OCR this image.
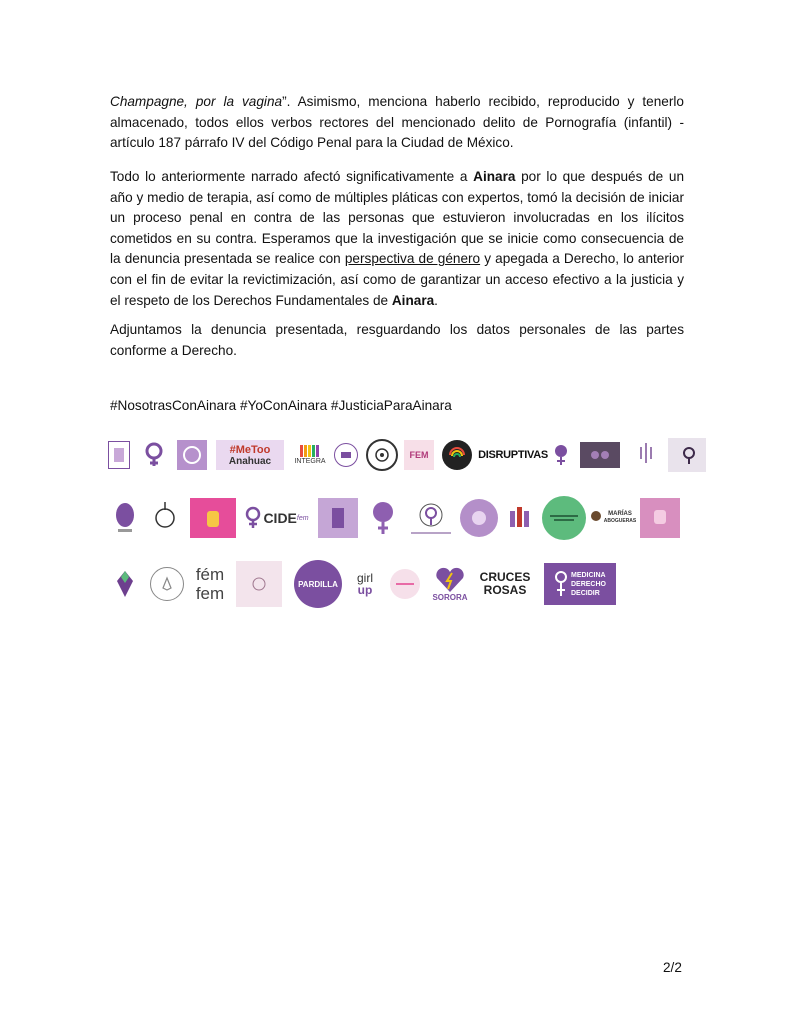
Champagne, por la vagina”. Asimismo, menciona haberlo recibido, reproducido y tenerlo almacenado, todos ellos verbos rectores del mencionado delito de Pornografía (infantil) - artículo 187 párrafo IV del Código Penal para la Ciudad de México.

Todo lo anteriormente narrado afectó significativamente a Ainara por lo que después de un año y medio de terapia, así como de múltiples pláticas con expertos, tomó la decisión de iniciar un proceso penal en contra de las personas que estuvieron involucradas en los ilícitos cometidos en su contra. Esperamos que la investigación que se inicie como consecuencia de la denuncia presentada se realice con perspectiva de género y apegada a Derecho, lo anterior con el fin de evitar la revictimización, así como de garantizar un acceso efectivo a la justicia y el respeto de los Derechos Fundamentales de Ainara.

Adjuntamos la denuncia presentada, resguardando los datos personales de las partes conforme a Derecho.

#NosotrasConAinara #YoConAinara #JusticiaParaAinara
#MeToo
Anahuac	INTEGRA
FEM	DISRUPTIVAS
CIDE fem
MARÍAS
ABOGUERAS
fém
fem	PARDILLA girl
up	SORORA
CRUCES
ROSAS
MEDICINA
DERECHO
DECIDIR
2/2
